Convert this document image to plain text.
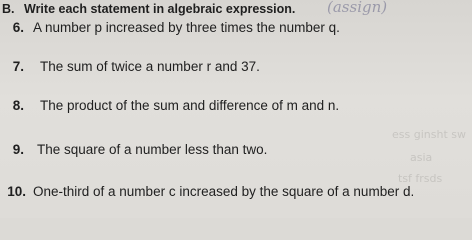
ess ginsht sw
asia
tsf frsds
B. Write each statement in algebraic expression. (assign)
6. A number p increased by three times the number q.
7. The sum of twice a number r and 37.
8. The product of the sum and difference of m and n.
9. The square of a number less than two.
10. One-third of a number c increased by the square of a number d.
